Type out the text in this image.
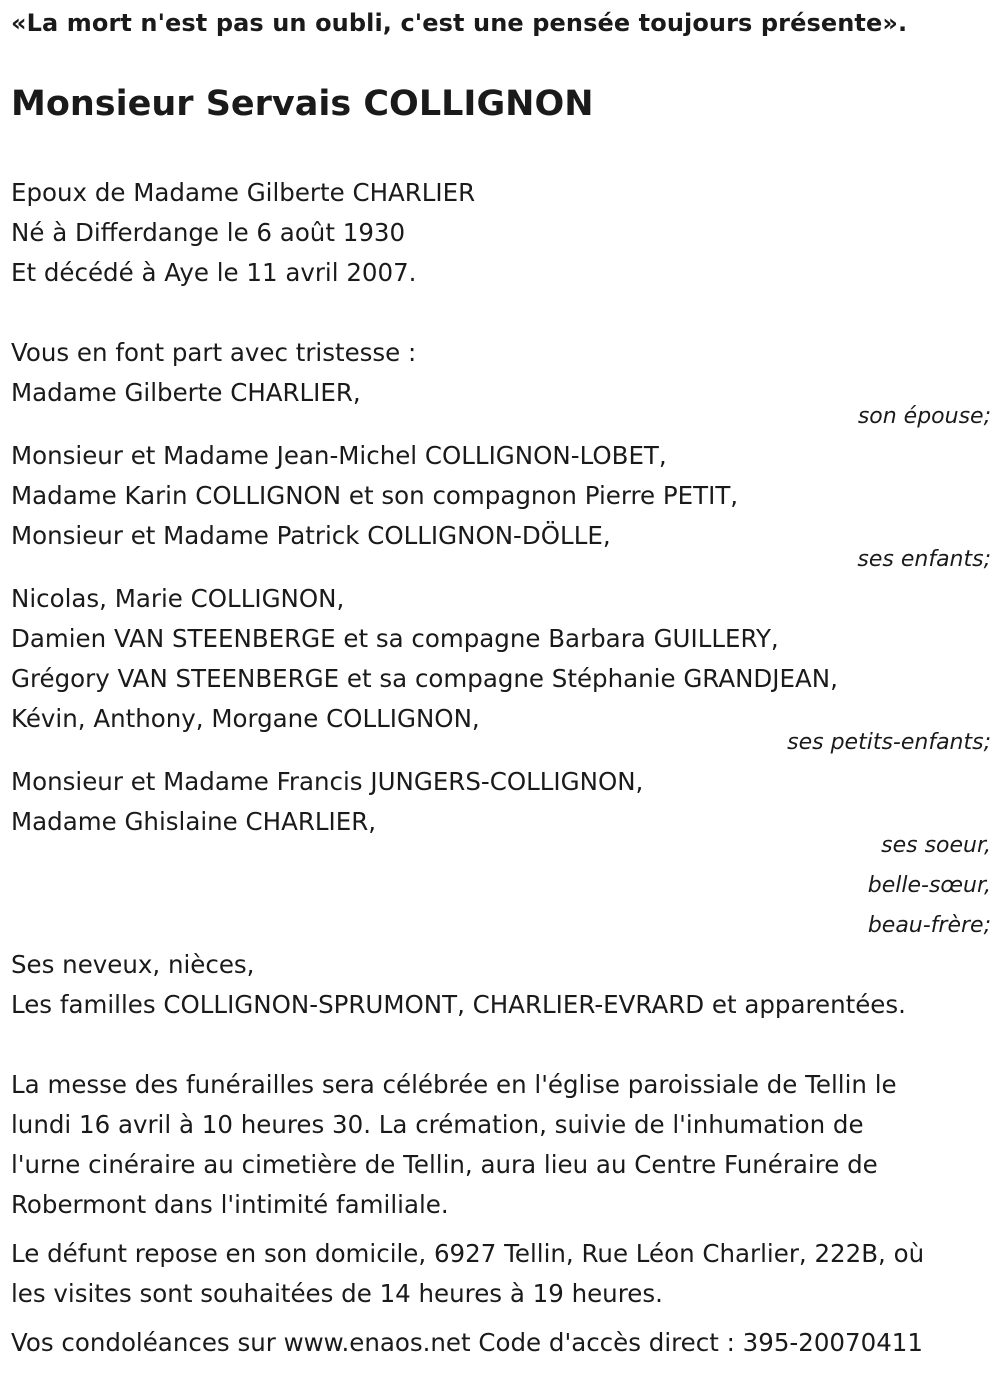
«La mort n'est pas un oubli, c'est une pensée toujours présente».
Monsieur Servais COLLIGNON
Epoux de Madame Gilberte CHARLIER
Né à Differdange le 6 août 1930
Et décédé à Aye le 11 avril 2007.
Vous en font part avec tristesse :
Madame Gilberte CHARLIER,
son épouse;
Monsieur et Madame Jean-Michel COLLIGNON-LOBET,
Madame Karin COLLIGNON et son compagnon Pierre PETIT,
Monsieur et Madame Patrick COLLIGNON-DÖLLE,
ses enfants;
Nicolas, Marie COLLIGNON,
Damien VAN STEENBERGE et sa compagne Barbara GUILLERY,
Grégory VAN STEENBERGE et sa compagne Stéphanie GRANDJEAN,
Kévin, Anthony, Morgane COLLIGNON,
ses petits-enfants;
Monsieur et Madame Francis JUNGERS-COLLIGNON,
Madame Ghislaine CHARLIER,
ses soeur,
belle-sœur,
beau-frère;
Ses neveux, nièces,
Les familles COLLIGNON-SPRUMONT, CHARLIER-EVRARD et apparentées.
La messe des funérailles sera célébrée en l'église paroissiale de Tellin le
lundi 16 avril à 10 heures 30. La crémation, suivie de l'inhumation de
l'urne cinéraire au cimetière de Tellin, aura lieu au Centre Funéraire de
Robermont dans l'intimité familiale.
Le défunt repose en son domicile, 6927 Tellin, Rue Léon Charlier, 222B, où
les visites sont souhaitées de 14 heures à 19 heures.
Vos condoléances sur www.enaos.net Code d'accès direct : 395-20070411
